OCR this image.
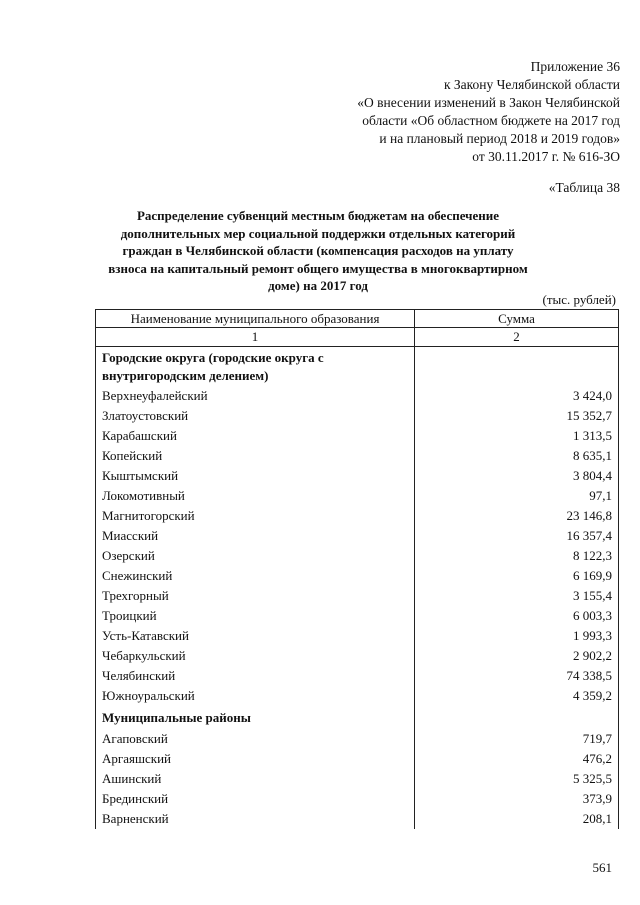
Приложение 36
к Закону Челябинской области
«О внесении изменений в Закон Челябинской
области «Об областном бюджете на 2017 год
и на плановый период 2018 и 2019 годов»
от 30.11.2017 г. № 616-ЗО
«Таблица 38
Распределение субвенций местным бюджетам на обеспечение дополнительных мер социальной поддержки отдельных категорий граждан в Челябинской области (компенсация расходов на уплату взноса на капитальный ремонт общего имущества в многоквартирном доме) на 2017 год
(тыс. рублей)
Наименование муниципального образования	Сумма
1	2
Городские округа (городские округа с внутригородским делением)	
Верхнеуфалейский	3 424,0
Златоустовский	15 352,7
Карабашский	1 313,5
Копейский	8 635,1
Кыштымский	3 804,4
Локомотивный	97,1
Магнитогорский	23 146,8
Миасский	16 357,4
Озерский	8 122,3
Снежинский	6 169,9
Трехгорный	3 155,4
Троицкий	6 003,3
Усть-Катавский	1 993,3
Чебаркульский	2 902,2
Челябинский	74 338,5
Южноуральский	4 359,2
Муниципальные районы	
Агаповский	719,7
Аргаяшский	476,2
Ашинский	5 325,5
Брединский	373,9
Варненский	208,1
561
